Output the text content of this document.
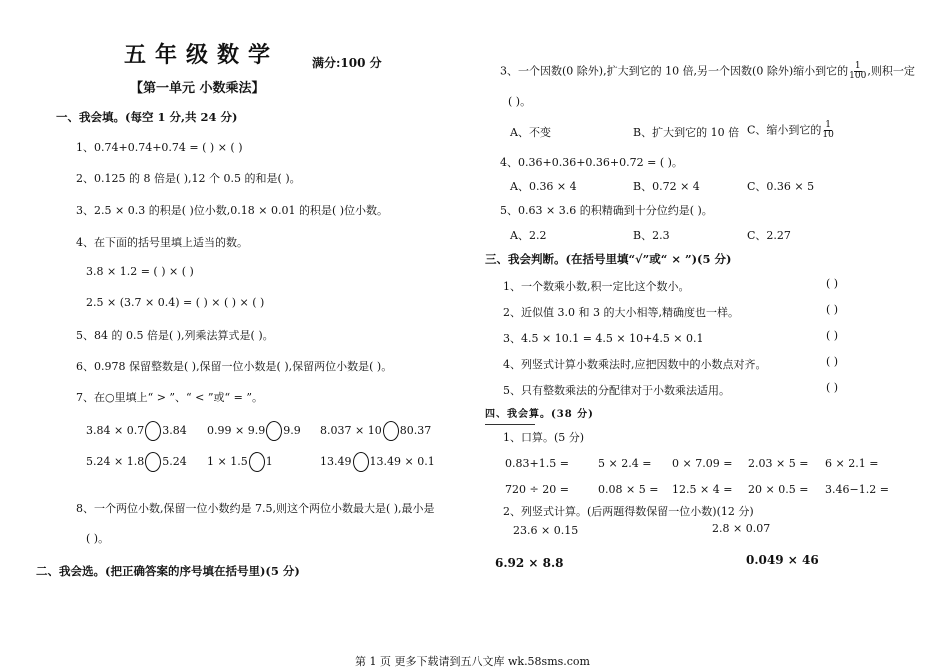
五年级数学	满分:100 分
【第一单元 小数乘法】
一、我会填。(每空 1 分,共 24 分)
1、0.74+0.74+0.74 = ( ) × ( )
2、0.125 的 8 倍是( ),12 个 0.5 的和是( )。
3、2.5 × 0.3 的积是( )位小数,0.18 × 0.01 的积是( )位小数。
4、在下面的括号里填上适当的数。
3.8 × 1.2 = ( ) × ( )
2.5 × (3.7 × 0.4) = ( ) × ( ) × ( )
5、84 的 0.5 倍是( ),列乘法算式是( )。
6、0.978 保留整数是( ),保留一位小数是( ),保留两位小数是( )。
7、在○里填上“ > ”、“ < ”或“ = ”。
3.84 × 0.7 3.84 0.99 × 9.9 9.9 8.037 × 10 80.37
5.24 × 1.8 5.24 1 × 1.5 1	13.49 13.49 × 0.1
8、一个两位小数,保留一位小数约是 7.5,则这个两位小数最大是( ),最小是
( )。
二、我会选。(把正确答案的序号填在括号里)(5 分)
3、一个因数(0 除外),扩大到它的 10 倍,另一个因数(0 除外)缩小到它的 $\frac{1}{100}$ ,则积一定
( )。
A、不变	B、扩大到它的 10 倍 C、缩小到它的 $\frac{1}{10}$
4、0.36+0.36+0.36+0.72 = ( )。
A、0.36 × 4	B、0.72 × 4	C、0.36 × 5
5、0.63 × 3.6 的积精确到十分位约是( )。
A、2.2	B、2.3	C、2.27
三、我会判断。(在括号里填“√”或“ × ”)(5 分)
1、一个数乘小数,积一定比这个数小。	( )
2、近似值 3.0 和 3 的大小相等,精确度也一样。	( )
3、4.5 × 10.1 = 4.5 × 10+4.5 × 0.1	( )
4、列竖式计算小数乘法时,应把因数中的小数点对齐。	( )
5、只有整数乘法的分配律对于小数乘法适用。	( )
四、我会算。(38 分)
1、口算。(5 分)
0.83+1.5 =	5 × 2.4 = 0 × 7.09 = 2.03 × 5 = 6 × 2.1 =
720 ÷ 20 =	0.08 × 5 = 12.5 × 4 = 20 × 0.5 = 3.46−1.2 =
2、列竖式计算。(后两题得数保留一位小数)(12 分)
23.6 × 0.15	2.8 × 0.07
6.92 × 8.8	0.049 × 46
第 1 页 更多下载请到五八文库 wk.58sms.com
